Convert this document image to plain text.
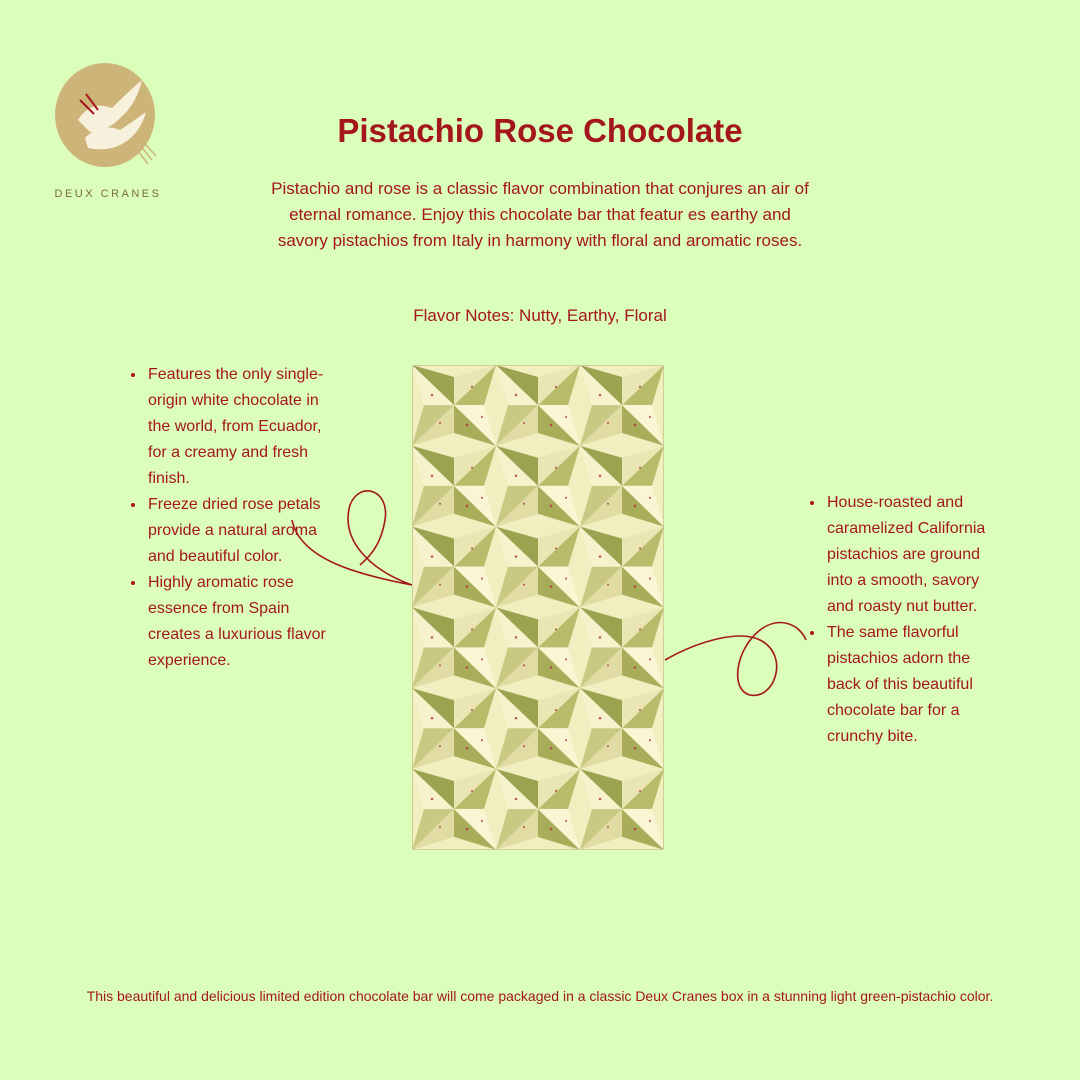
DEUX CRANES
Pistachio Rose Chocolate

Pistachio and rose is a classic flavor combination that conjures an air of eternal romance. Enjoy this chocolate bar that featur es earthy and savory pistachios from Italy in harmony with floral and aromatic roses.

Flavor Notes: Nutty, Earthy, Floral

• Features the only single-origin white chocolate in the world, from Ecuador, for a creamy and fresh finish.
• Freeze dried rose petals provide a natural aroma and beautiful color.
• Highly aromatic rose essence from Spain creates a luxurious flavor experience.
• House-roasted and caramelized California pistachios are ground into a smooth, savory and roasty nut butter.
• The same flavorful pistachios adorn the back of this beautiful chocolate bar for a crunchy bite.

This beautiful and delicious limited edition chocolate bar will come packaged in a classic Deux Cranes box in a stunning light green-pistachio color.
